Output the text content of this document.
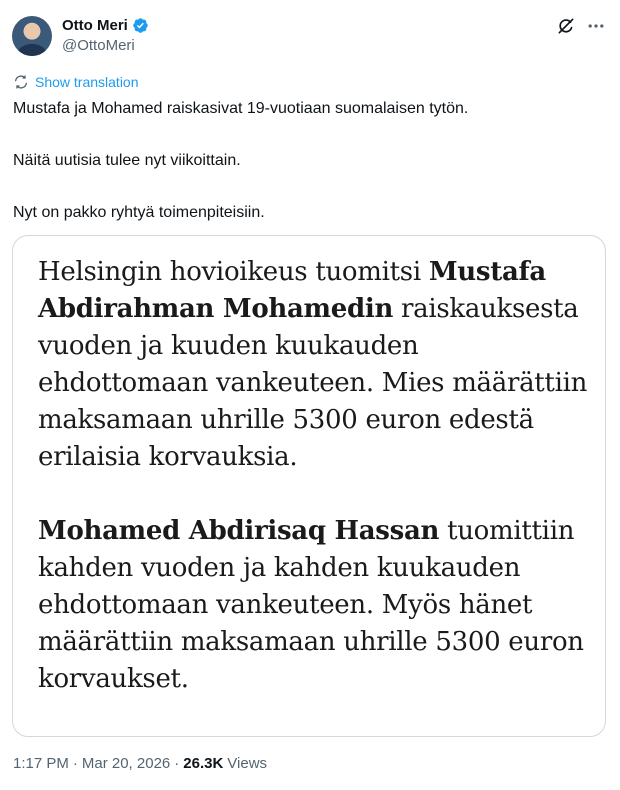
Otto Meri
@OttoMeri
Show translation

Mustafa ja Mohamed raiskasivat 19-vuotiaan suomalaisen tytön.

Näitä uutisia tulee nyt viikoittain.

Nyt on pakko ryhtyä toimenpiteisiin.

Helsingin hovioikeus tuomitsi Mustafa Abdirahman Mohamedin raiskauksesta vuoden ja kuuden kuukauden ehdottomaan vankeuteen. Mies määrättiin maksamaan uhrille 5300 euron edestä erilaisia korvauksia.

Mohamed Abdirisaq Hassan tuomittiin kahden vuoden ja kahden kuukauden ehdottomaan vankeuteen. Myös hänet määrättiin maksamaan uhrille 5300 euron korvaukset.

1:17 PM · Mar 20, 2026 · 26.3K Views
